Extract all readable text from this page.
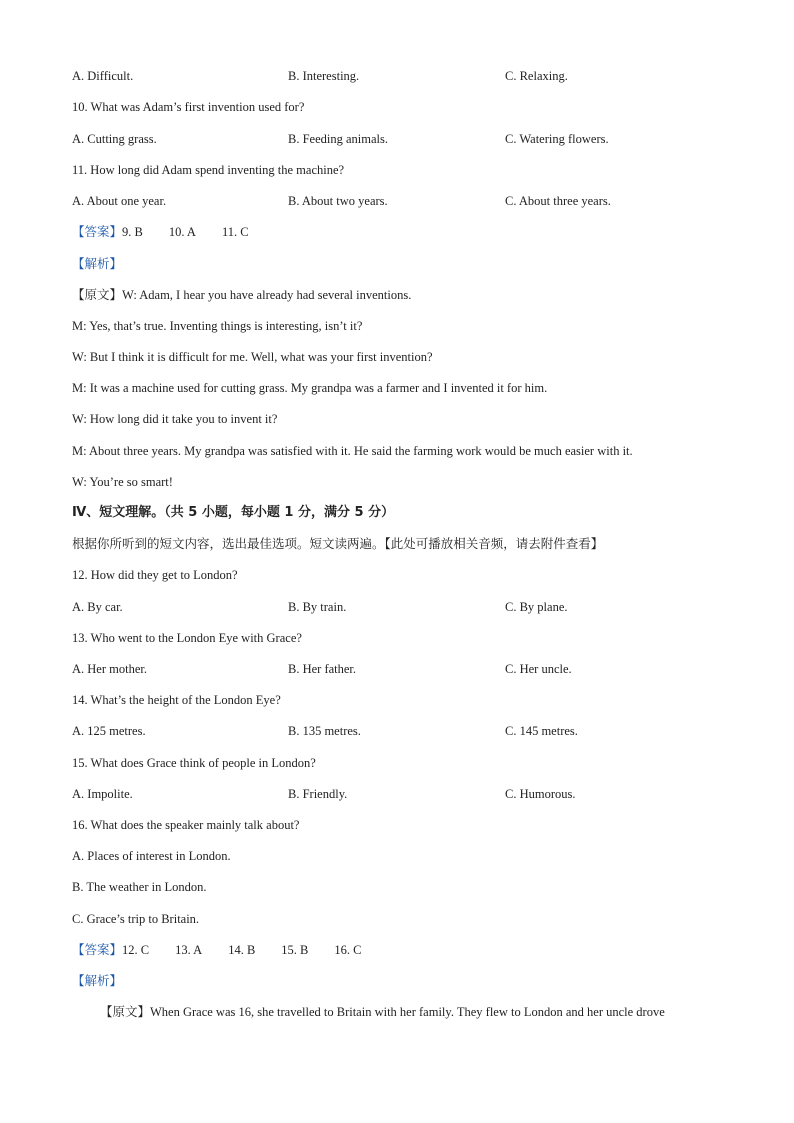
A. Difficult.	B. Interesting.	C. Relaxing.
10. What was Adam’s first invention used for?
A. Cutting grass.	B. Feeding animals.	C. Watering flowers.
11. How long did Adam spend inventing the machine?
A. About one year.	B. About two years.	C. About three years.
【答案】9. B 10. A 11. C
【解析】
【原文】W: Adam, I hear you have already had several inventions.
M: Yes, that’s true. Inventing things is interesting, isn’t it?
W: But I think it is difficult for me. Well, what was your first invention?
M: It was a machine used for cutting grass. My grandpa was a farmer and I invented it for him.
W: How long did it take you to invent it?
M: About three years. My grandpa was satisfied with it. He said the farming work would be much easier with it.
W: You’re so smart!
Ⅳ、短文理解。（共 5 小题，每小题 1 分，满分 5 分）
根据你所听到的短文内容，选出最佳选项。短文读两遍。【此处可播放相关音频，请去附件查看】
12. How did they get to London?
A. By car.	B. By train.	C. By plane.
13. Who went to the London Eye with Grace?
A. Her mother.	B. Her father.	C. Her uncle.
14. What’s the height of the London Eye?
A. 125 metres.	B. 135 metres.	C. 145 metres.
15. What does Grace think of people in London?
A. Impolite.	B. Friendly.	C. Humorous.
16. What does the speaker mainly talk about?
A. Places of interest in London.
B. The weather in London.
C. Grace’s trip to Britain.
【答案】12. C 13. A 14. B 15. B 16. C
【解析】
【原文】When Grace was 16, she travelled to Britain with her family. They flew to London and her uncle drove
